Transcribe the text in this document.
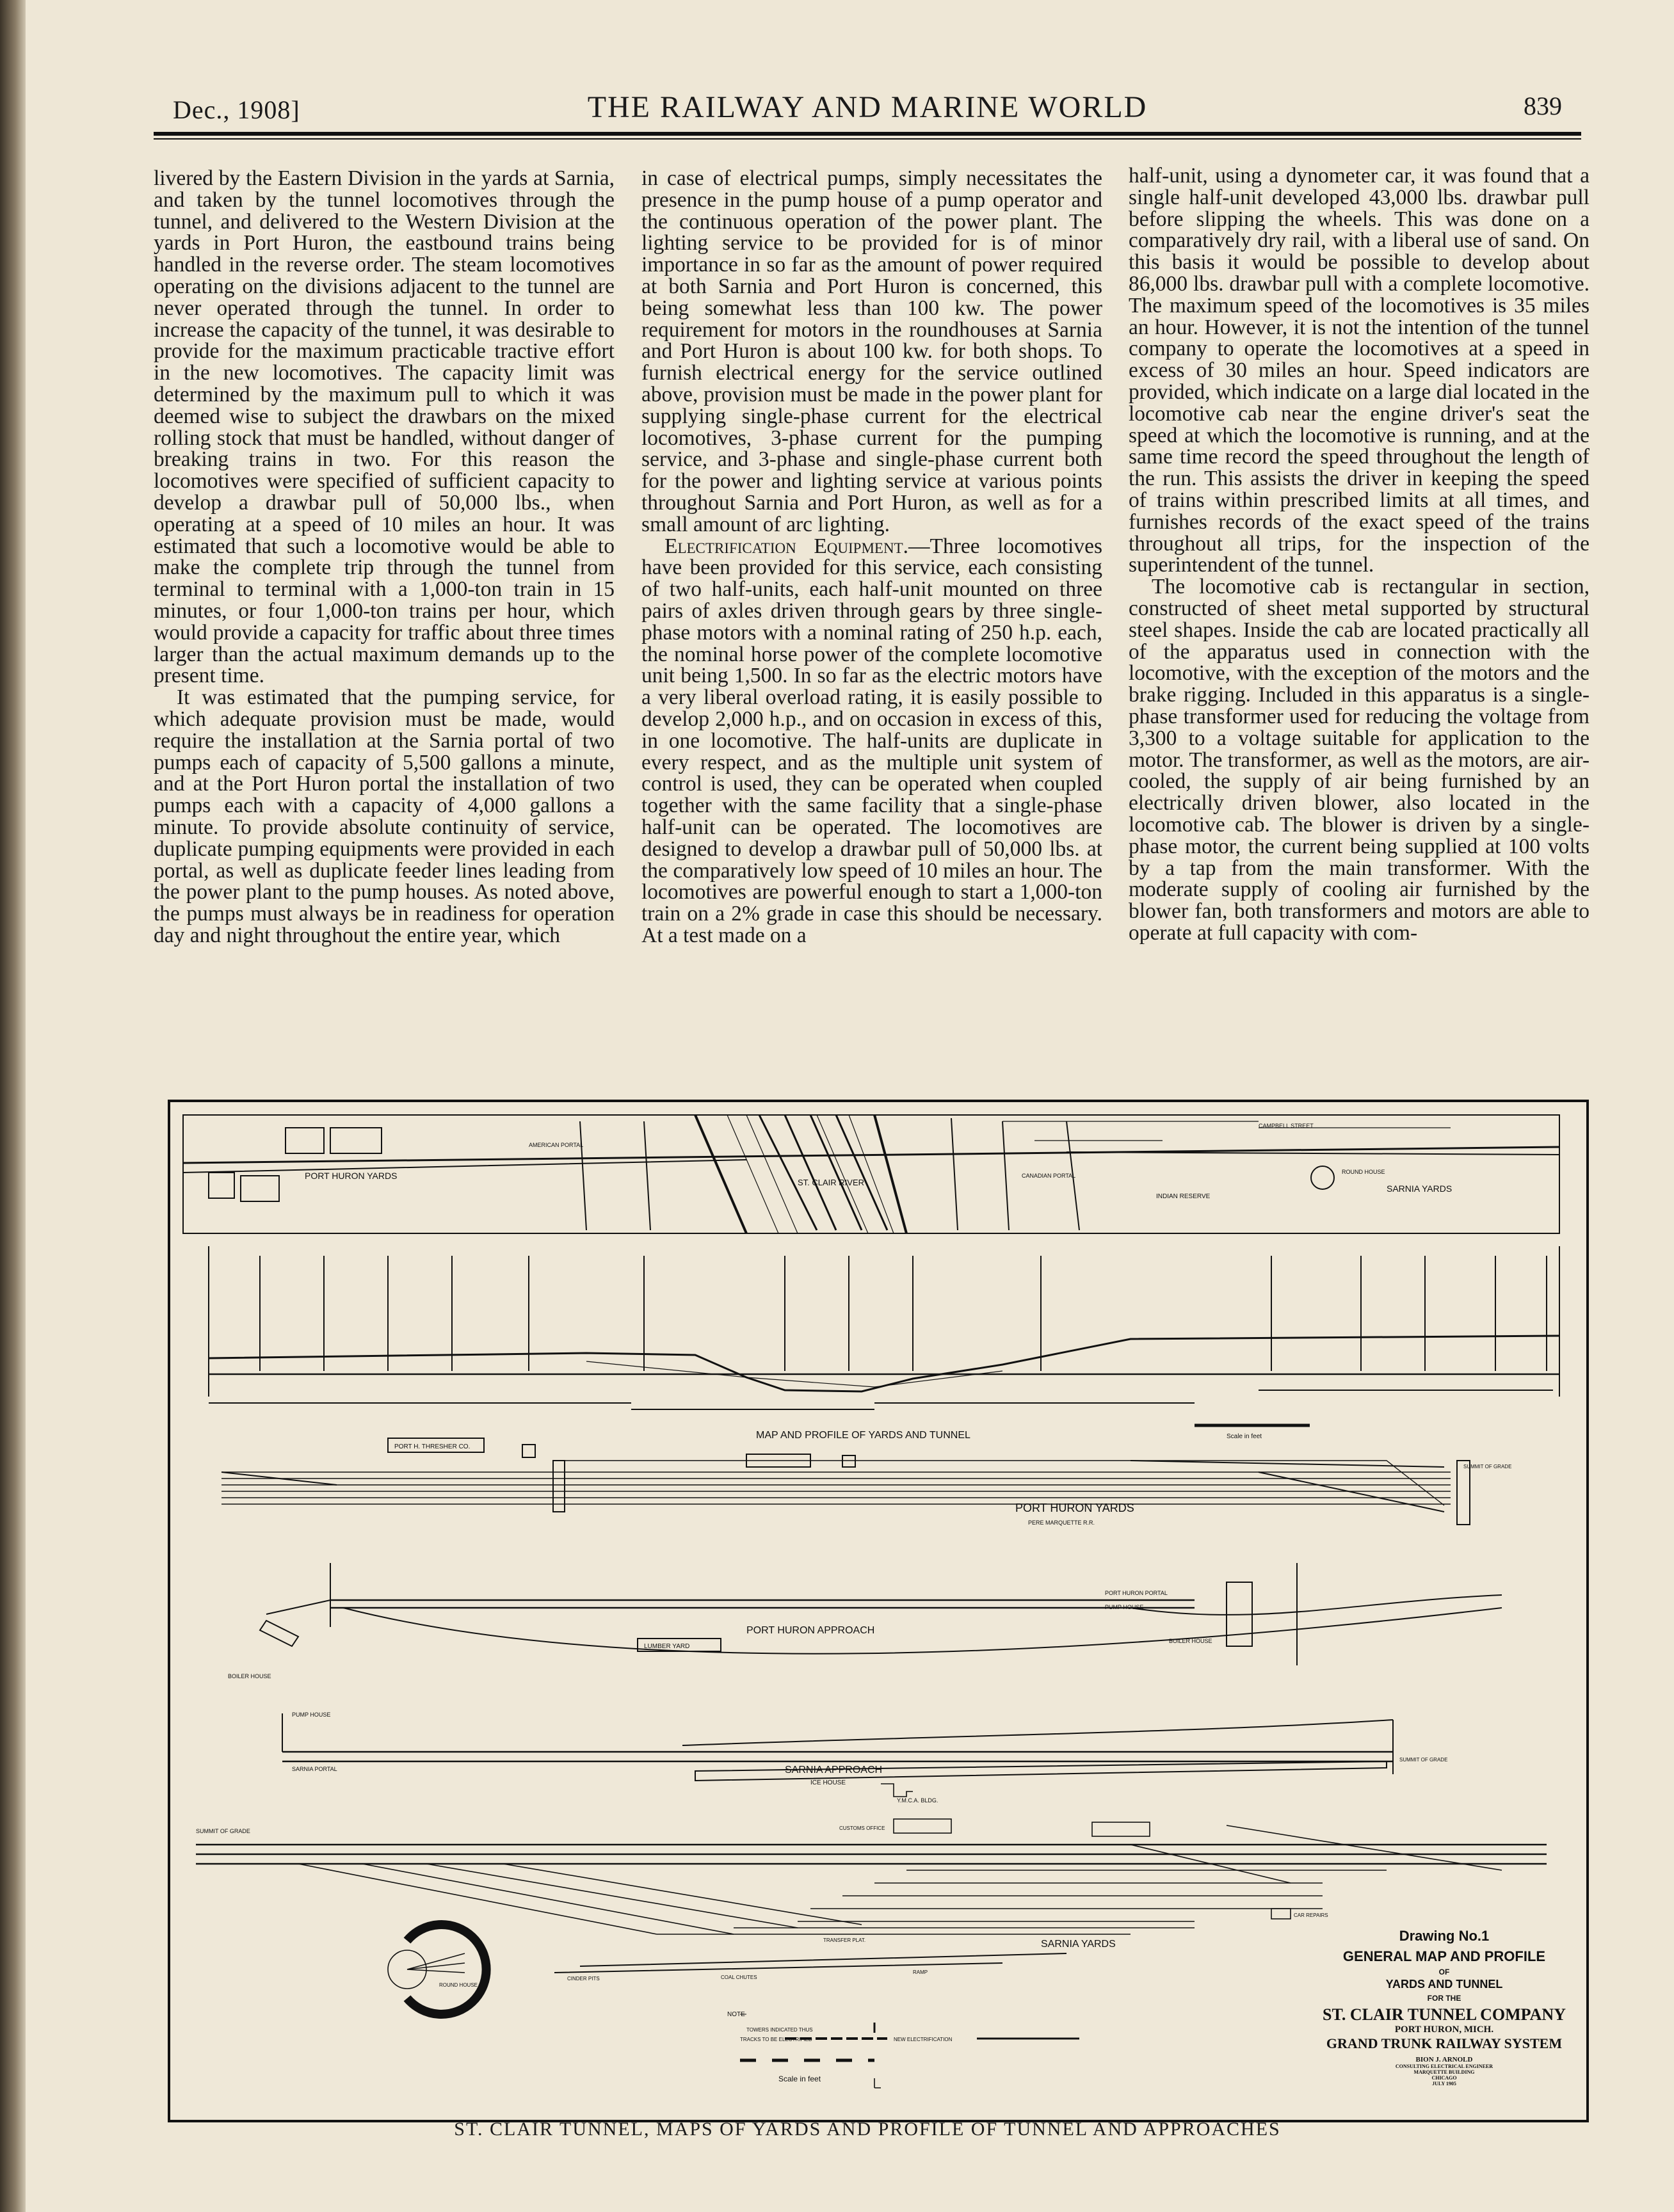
Dec., 1908]	THE RAILWAY AND MARINE WORLD	839

livered by the Eastern Division in the yards at Sarnia, and taken by the tunnel locomotives through the tunnel, and delivered to the Western Division at the yards in Port Huron, the eastbound trains being handled in the reverse order. The steam locomotives operating on the divisions adjacent to the tunnel are never operated through the tunnel. In order to increase the capacity of the tunnel, it was desirable to provide for the maximum practicable tractive effort in the new locomotives. The capacity limit was determined by the maximum pull to which it was deemed wise to subject the drawbars on the mixed rolling stock that must be handled, without danger of breaking trains in two. For this reason the locomotives were specified of sufficient capacity to develop a drawbar pull of 50,000 lbs., when operating at a speed of 10 miles an hour. It was estimated that such a locomotive would be able to make the complete trip through the tunnel from terminal to terminal with a 1,000-ton train in 15 minutes, or four 1,000-ton trains per hour, which would provide a capacity for traffic about three times larger than the actual maximum demands up to the present time.

It was estimated that the pumping service, for which adequate provision must be made, would require the installation at the Sarnia portal of two pumps each of capacity of 5,500 gallons a minute, and at the Port Huron portal the installation of two pumps each with a capacity of 4,000 gallons a minute. To provide absolute continuity of service, duplicate pumping equipments were provided in each portal, as well as duplicate feeder lines leading from the power plant to the pump houses. As noted above, the pumps must always be in readiness for operation day and night throughout the entire year, which

in case of electrical pumps, simply necessitates the presence in the pump house of a pump operator and the continuous operation of the power plant. The lighting service to be provided for is of minor importance in so far as the amount of power required at both Sarnia and Port Huron is concerned, this being somewhat less than 100 kw. The power requirement for motors in the roundhouses at Sarnia and Port Huron is about 100 kw. for both shops. To furnish electrical energy for the service outlined above, provision must be made in the power plant for supplying single-phase current for the electrical locomotives, 3-phase current for the pumping service, and 3-phase and single-phase current both for the power and lighting service at various points throughout Sarnia and Port Huron, as well as for a small amount of arc lighting.

Electrification Equipment.—Three locomotives have been provided for this service, each consisting of two half-units, each half-unit mounted on three pairs of axles driven through gears by three single-phase motors with a nominal rating of 250 h.p. each, the nominal horse power of the complete locomotive unit being 1,500. In so far as the electric motors have a very liberal overload rating, it is easily possible to develop 2,000 h.p., and on occasion in excess of this, in one locomotive. The half-units are duplicate in every respect, and as the multiple unit system of control is used, they can be operated when coupled together with the same facility that a single-phase half-unit can be operated. The locomotives are designed to develop a drawbar pull of 50,000 lbs. at the comparatively low speed of 10 miles an hour. The locomotives are powerful enough to start a 1,000-ton train on a 2% grade in case this should be necessary. At a test made on a

half-unit, using a dynometer car, it was found that a single half-unit developed 43,000 lbs. drawbar pull before slipping the wheels. This was done on a comparatively dry rail, with a liberal use of sand. On this basis it would be possible to develop about 86,000 lbs. drawbar pull with a complete locomotive. The maximum speed of the locomotives is 35 miles an hour. However, it is not the intention of the tunnel company to operate the locomotives at a speed in excess of 30 miles an hour. Speed indicators are provided, which indicate on a large dial located in the locomotive cab near the engine driver's seat the speed at which the locomotive is running, and at the same time record the speed throughout the length of the run. This assists the driver in keeping the speed of trains within prescribed limits at all times, and furnishes records of the exact speed of the trains throughout all trips, for the inspection of the superintendent of the tunnel.

The locomotive cab is rectangular in section, constructed of sheet metal supported by structural steel shapes. Inside the cab are located practically all of the apparatus used in connection with the locomotive, with the exception of the motors and the brake rigging. Included in this apparatus is a single-phase transformer used for reducing the voltage from 3,300 to a voltage suitable for application to the motor. The transformer, as well as the motors, are air-cooled, the supply of air being furnished by an electrically driven blower, also located in the locomotive cab. The blower is driven by a single-phase motor, the current being supplied at 100 volts by a tap from the main transformer. With the moderate supply of cooling air furnished by the blower fan, both transformers and motors are able to operate at full capacity with com-

PORT HURON YARDS
ST. CLAIR RIVER
SARNIA YARDS
INDIAN RESERVE
CANADIAN PORTAL
AMERICAN PORTAL
ROUND HOUSE
CAMPBELL STREET
MAP AND PROFILE OF YARDS AND TUNNEL	Scale in feet
PORT H. THRESHER CO.
PORT HURON YARDS
PERE MARQUETTE R.R.
SUMMIT OF GRADE
LUMBER YARD
PORT HURON APPROACH
PORT HURON PORTAL
PUMP HOUSE
BOILER HOUSE
BOILER HOUSE
PUMP HOUSE
SARNIA PORTAL	SARNIA APPROACH
ICE HOUSE
SUMMIT OF GRADE
Y.M.C.A. BLDG.
CUSTOMS OFFICE
CAR REPAIRS
TRANSFER PLAT.	SARNIA YARDS
COAL CHUTES
RAMP
CINDER PITS
ROUND HOUSE
SUMMIT OF GRADE
NOTE
TOWERS INDICATED THUS
TRACKS TO BE ELECTRIFIED	NEW ELECTRIFICATION
Scale in feet
Drawing No.1
GENERAL MAP AND PROFILE
OF
YARDS AND TUNNEL
FOR THE
ST. CLAIR TUNNEL COMPANY
PORT HURON, MICH.
GRAND TRUNK RAILWAY SYSTEM
BION J. ARNOLD
CONSULTING ELECTRICAL ENGINEER
MARQUETTE BUILDING
CHICAGO
JULY 1905
ST. CLAIR TUNNEL, MAPS OF YARDS AND PROFILE OF TUNNEL AND APPROACHES
